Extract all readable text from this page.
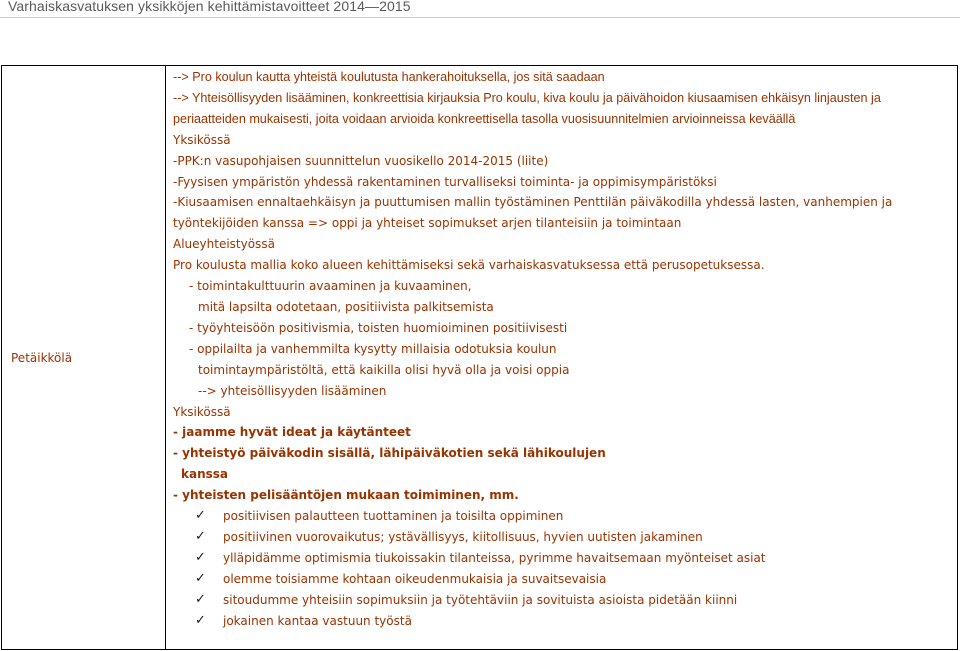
Varhaiskasvatuksen yksikköjen kehittämistavoitteet 2014—2015
Petäikkölä

--> Pro koulun kautta yhteistä koulutusta hankerahoituksella, jos sitä saadaan
--> Yhteisöllisyyden lisääminen, konkreettisia kirjauksia Pro koulu, kiva koulu ja päivähoidon kiusaamisen ehkäisyn linjausten ja
periaatteiden mukaisesti, joita voidaan arvioida konkreettisella tasolla vuosisuunnitelmien arvioinneissa keväällä
Yksikössä
-PPK:n vasupohjaisen suunnittelun vuosikello 2014-2015 (liite)
-Fyysisen ympäristön yhdessä rakentaminen turvalliseksi toiminta- ja oppimisympäristöksi
-Kiusaamisen ennaltaehkäisyn ja puuttumisen mallin työstäminen Penttilän päiväkodilla yhdessä lasten, vanhempien ja
työntekijöiden kanssa => oppi ja yhteiset sopimukset arjen tilanteisiin ja toimintaan
Alueyhteistyössä
Pro koulusta mallia koko alueen kehittämiseksi sekä varhaiskasvatuksessa että perusopetuksessa.
- toimintakulttuurin avaaminen ja kuvaaminen,
mitä lapsilta odotetaan, positiivista palkitsemista
- työyhteisöön positivismia, toisten huomioiminen positiivisesti
- oppilailta ja vanhemmilta kysytty millaisia odotuksia koulun
toimintaympäristöltä, että kaikilla olisi hyvä olla ja voisi oppia
--> yhteisöllisyyden lisääminen
Yksikössä
- jaamme hyvät ideat ja käytänteet
- yhteistyö päiväkodin sisällä, lähipäiväkotien sekä lähikoulujen
kanssa
- yhteisten pelisääntöjen mukaan toimiminen, mm.
✓	positiivisen palautteen tuottaminen ja toisilta oppiminen
✓	positiivinen vuorovaikutus; ystävällisyys, kiitollisuus, hyvien uutisten jakaminen
✓	ylläpidämme optimismia tiukoissakin tilanteissa, pyrimme havaitsemaan myönteiset asiat
✓	olemme toisiamme kohtaan oikeudenmukaisia ja suvaitsevaisia
✓	sitoudumme yhteisiin sopimuksiin ja työtehtäviin ja sovituista asioista pidetään kiinni
✓	jokainen kantaa vastuun työstä
